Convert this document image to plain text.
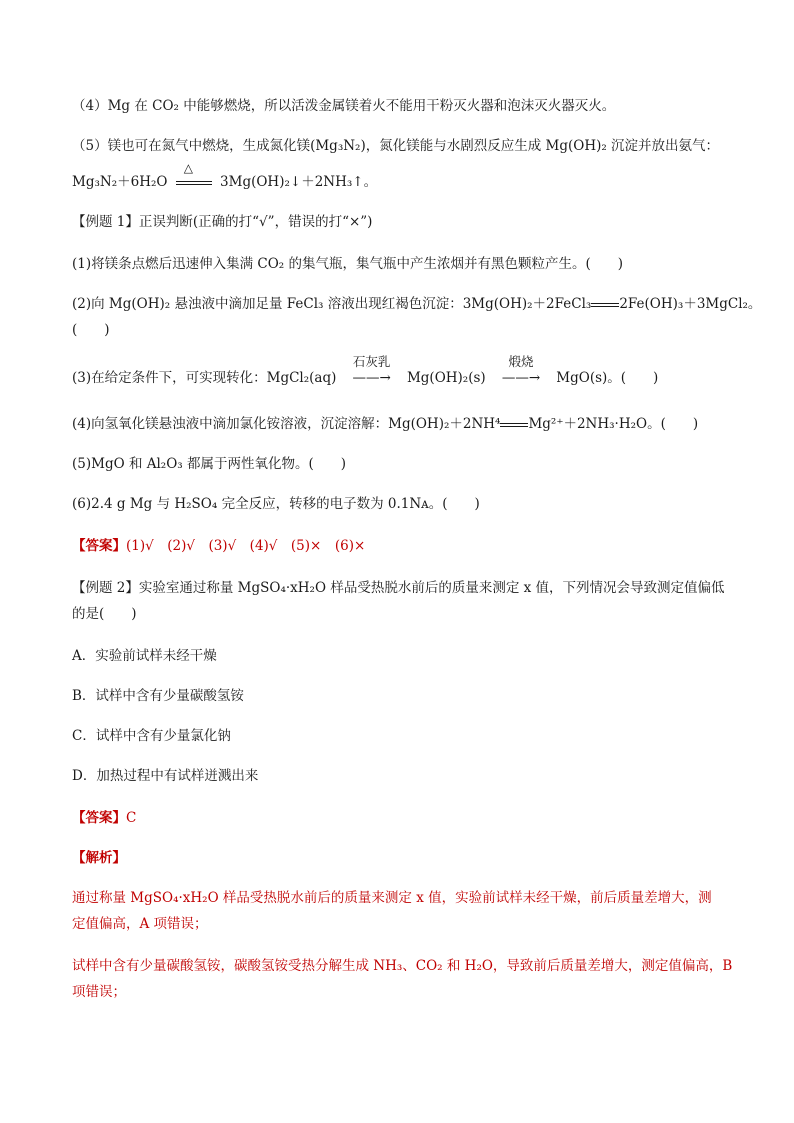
（4）Mg 在 CO₂ 中能够燃烧，所以活泼金属镁着火不能用干粉灭火器和泡沫灭火器灭火。
（5）镁也可在氮气中燃烧，生成氮化镁(Mg₃N₂)，氮化镁能与水剧烈反应生成 Mg(OH)₂ 沉淀并放出氨气：
Mg₃N₂＋6H₂O
△
3Mg(OH)₂↓＋2NH₃↑。
【例题 1】正误判断(正确的打“√”，错误的打“×”)
(1)将镁条点燃后迅速伸入集满 CO₂ 的集气瓶，集气瓶中产生浓烟并有黑色颗粒产生。(　　)
(2)向 Mg(OH)₂ 悬浊液中滴加足量 FeCl₃ 溶液出现红褐色沉淀：3Mg(OH)₂＋2FeCl₃ 2Fe(OH)₃＋3MgCl₂。
(　　)
(3)在给定条件下，可实现转化：MgCl₂(aq)
石灰乳
——→ Mg(OH)₂(s)
煅烧
——→ MgO(s)。(　　)
(4)向氢氧化镁悬浊液中滴加氯化铵溶液，沉淀溶解：Mg(OH)₂＋2NH⁴ Mg²⁺＋2NH₃·H₂O。(　　)
(5)MgO 和 Al₂O₃ 都属于两性氧化物。(　　)
(6)2.4 g Mg 与 H₂SO₄ 完全反应，转移的电子数为 0.1Nᴀ。(　　)
【答案】(1)√　(2)√　(3)√　(4)√　(5)×　(6)×
【例题 2】实验室通过称量 MgSO₄·xH₂O 样品受热脱水前后的质量来测定 x 值，下列情况会导致测定值偏低
的是(　　)
A．实验前试样未经干燥
B．试样中含有少量碳酸氢铵
C．试样中含有少量氯化钠
D．加热过程中有试样迸溅出来
【答案】C
【解析】
通过称量 MgSO₄·xH₂O 样品受热脱水前后的质量来测定 x 值，实验前试样未经干燥，前后质量差增大，测
定值偏高，A 项错误；
试样中含有少量碳酸氢铵，碳酸氢铵受热分解生成 NH₃、CO₂ 和 H₂O，导致前后质量差增大，测定值偏高，B
项错误；
